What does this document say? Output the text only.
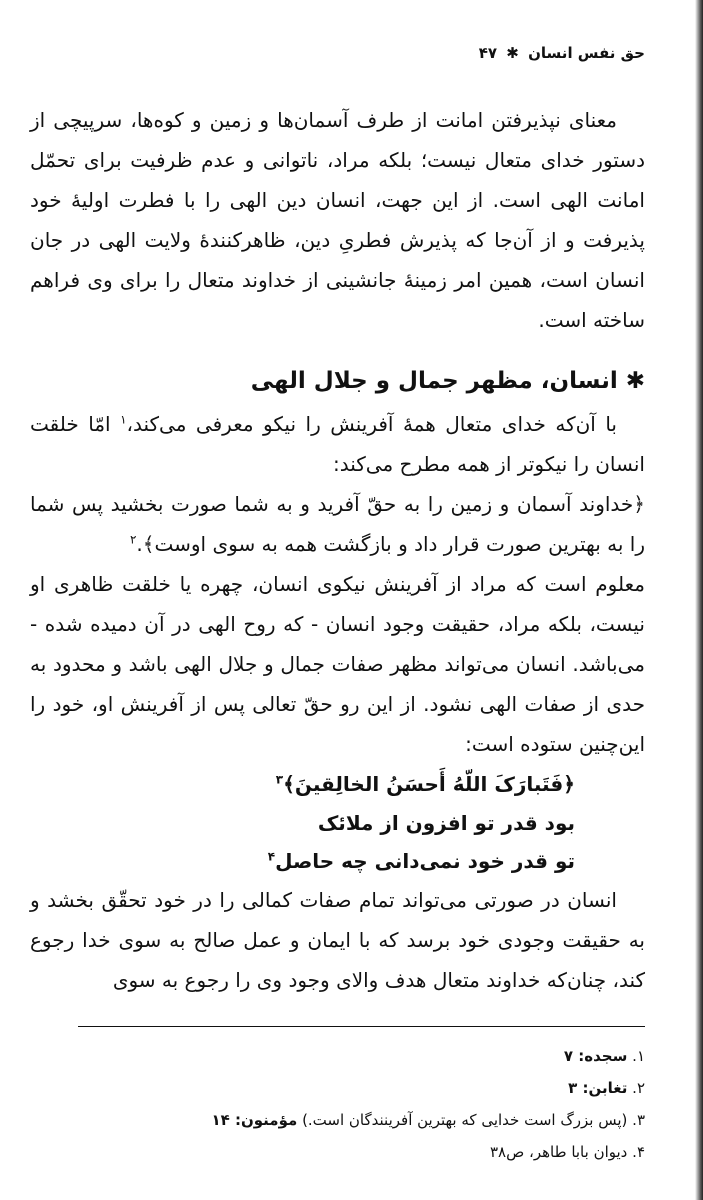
حق نفس انسان ✱ ۴۷

معنای نپذیرفتن امانت از طرف آسمان‌ها و زمین و کوه‌ها، سرپیچی از دستور خدای متعال نیست؛ بلکه مراد، ناتوانی و عدم ظرفیت برای تحمّل امانت الهی است. از این جهت، انسان دین الهی را با فطرت اولیهٔ خود پذیرفت و از آن‌جا که پذیرش فطریِ دین، ظاهرکنندهٔ ولایت الهی در جان انسان است، همین امر زمینهٔ جانشینی از خداوند متعال را برای وی فراهم ساخته است.

✱ انسان، مظهر جمال و جلال الهی

با آن‌که خدای متعال همهٔ آفرینش را نیکو معرفی می‌کند،$^۱$ امّا خلقت انسان را نیکوتر از همه مطرح می‌کند:

﴿خداوند آسمان و زمین را به حقّ آفرید و به شما صورت بخشید پس شما را به بهترین صورت قرار داد و بازگشت همه به سوی اوست﴾.$^۲$

معلوم است که مراد از آفرینش نیکوی انسان، چهره یا خلقت ظاهری او نیست، بلکه مراد، حقیقت وجود انسان - که روح الهی در آن دمیده شده - می‌باشد. انسان می‌تواند مظهر صفات جمال و جلال الهی باشد و محدود به حدی از صفات الهی نشود. از این رو حقّ تعالی پس از آفرینش او، خود را این‌چنین ستوده است:

﴿فَتَبارَکَ اللّهُ أَحسَنُ الخالِقینَ﴾$^۳$

بود قدر تو افزون از ملائک

تو قدر خود نمی‌دانی چه حاصل$^۴$

انسان در صورتی می‌تواند تمام صفات کمالی را در خود تحقّق بخشد و به حقیقت وجودی خود برسد که با ایمان و عمل صالح به سوی خدا رجوع کند، چنان‌که خداوند متعال هدف والای وجود وی را رجوع به سوی

۱. سجده: ۷

۲. تغابن: ۳

۳. (پس بزرگ است خدایی که بهترین آفرینندگان است.) مؤمنون: ۱۴

۴. دیوان بابا طاهر، ص۳۸
